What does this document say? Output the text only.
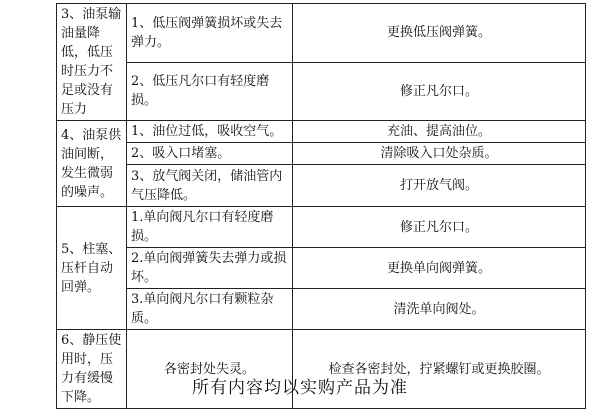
3、油泵输油量降低，低压时压力不足或没有压力	1、低压阀弹簧损坏或失去弹力。	更换低压阀弹簧。
	2、低压凡尔口有轻度磨损。	修正凡尔口。
4、油泵供油间断，发生微弱的噪声。	1、油位过低，吸收空气。	充油、提高油位。
	2、吸入口堵塞。	清除吸入口处杂质。
	3、放气阀关闭，储油管内气压降低。	打开放气阀。
5、柱塞、压杆自动回弹。	1.单向阀凡尔口有轻度磨损。	修正凡尔口。
	2.单向阀弹簧失去弹力或损坏。	更换单向阀弹簧。
	3.单向阀凡尔口有颗粒杂质。	清洗单向阀处。
6、静压使用时，压力有缓慢下降。	各密封处失灵。	检查各密封处，拧紧螺钉或更换胶圈。
所有内容均以实购产品为准
